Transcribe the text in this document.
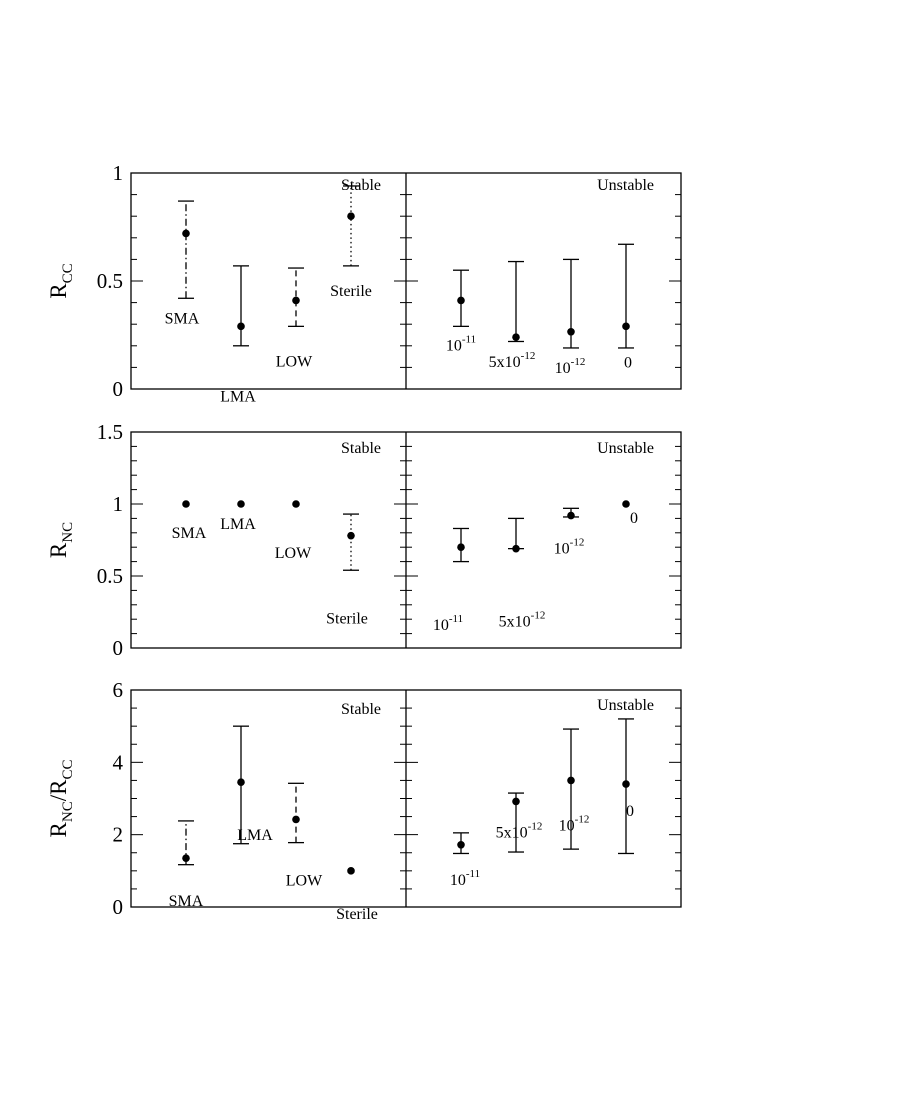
0
0.5
1
$R_{CC}$
Stable
SMA
LMA
LOW
Sterile
Unstable
$10^{-11}$
$5x10^{-12}$
$10^{-12}$ 0
0
0.5
1
1.5
$R_{NC}$
Stable
SMA
LMA
LOW
Sterile
Unstable
$10^{-11}$ $5x10^{-12}$
$10^{-12}$
0
0
2
4
6
$R_{NC}/R_{CC}$
Stable
SMA
LMA
LOW
Sterile
Unstable
$10^{-11}$
$5x10^{-12}$ $10^{-12}$ 0
